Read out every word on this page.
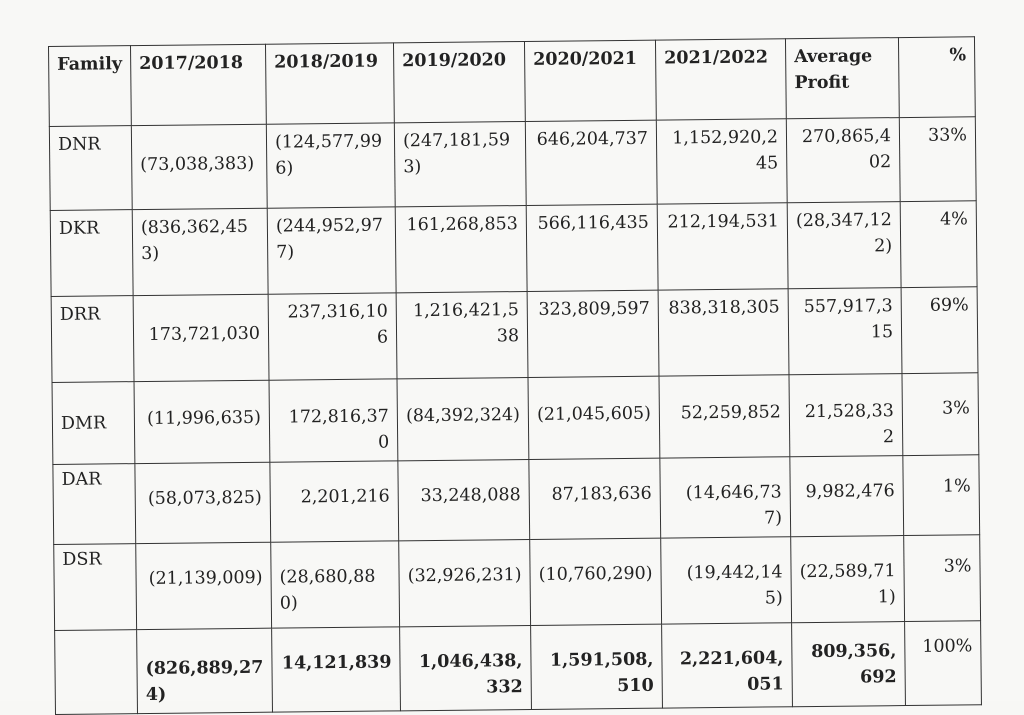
Family	2017/2018	2018/2019	2019/2020	2020/2021	2021/2022	Average Profit	%
DNR	(73,038,383)	(124,577,996)	(247,181,593)	646,204,737	1,152,920,245	270,865,402	33%
DKR	(836,362,453)	(244,952,977)	161,268,853	566,116,435	212,194,531	(28,347,122)	4%
DRR	173,721,030	237,316,106	1,216,421,538	323,809,597	838,318,305	557,917,315	69%
DMR	(11,996,635)	172,816,370	(84,392,324)	(21,045,605)	52,259,852	21,528,332	3%
DAR	(58,073,825)	2,201,216	33,248,088	87,183,636	(14,646,737)	9,982,476	1%
DSR	(21,139,009)	(28,680,880)	(32,926,231)	(10,760,290)	(19,442,145)	(22,589,711)	3%
	(826,889,274)	14,121,839	1,046,438,332	1,591,508,510	2,221,604,051	809,356,692	100%
